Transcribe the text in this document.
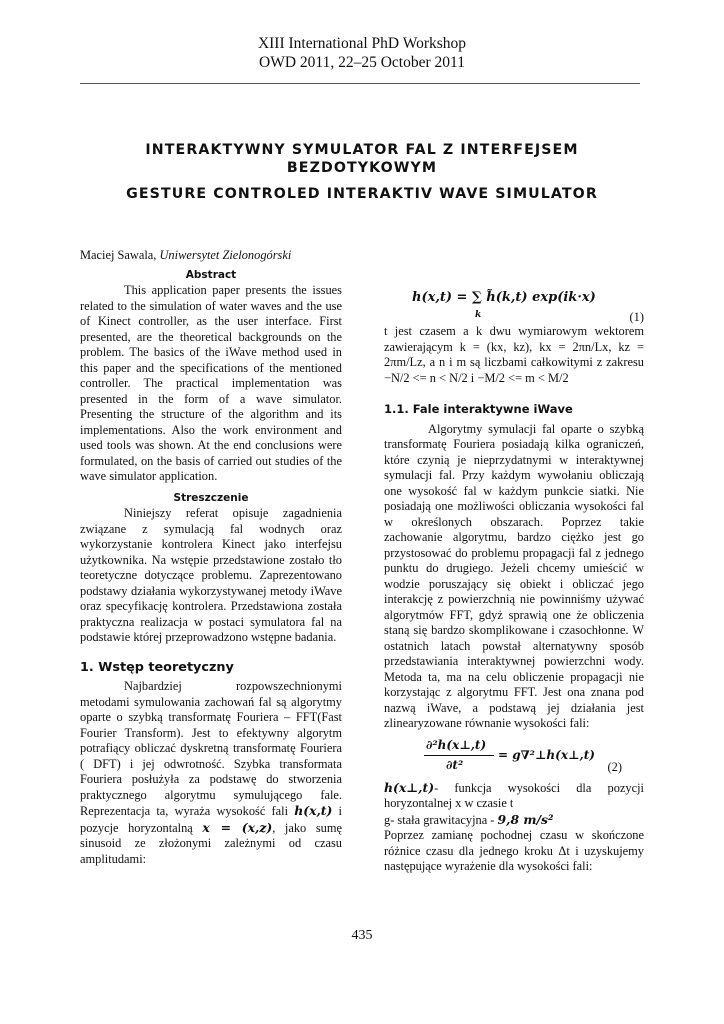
XIII International PhD Workshop
OWD 2011, 22–25 October 2011
INTERAKTYWNY SYMULATOR FAL Z INTERFEJSEM
BEZDOTYKOWYM
GESTURE CONTROLED INTERAKTIV WAVE SIMULATOR

Maciej Sawala, Uniwersytet Zielonogórski

Abstract

This application paper presents the issues related to the simulation of water waves and the use of Kinect controller, as the user interface. First presented, are the theoretical backgrounds on the problem. The basics of the iWave method used in this paper and the specifications of the mentioned controller. The practical implementation was presented in the form of a wave simulator. Presenting the structure of the algorithm and its implementations. Also the work environment and used tools was shown. At the end conclusions were formulated, on the basis of carried out studies of the wave simulator application.

Streszczenie

Niniejszy referat opisuje zagadnienia związane z symulacją fal wodnych oraz wykorzystanie kontrolera Kinect jako interfejsu użytkownika. Na wstępie przedstawione zostało tło teoretyczne dotyczące problemu. Zaprezentowano podstawy działania wykorzystywanej metody iWave oraz specyfikację kontrolera. Przedstawiona została praktyczna realizacja w postaci symulatora fal na podstawie której przeprowadzono wstępne badania.

1. Wstęp teoretyczny

Najbardziej rozpowszechnionymi metodami symulowania zachowań fal są algorytmy oparte o szybką transformatę Fouriera – FFT(Fast Fourier Transform). Jest to efektywny algorytm potrafiący obliczać dyskretną transformatę Fouriera ( DFT) i jej odwrotność. Szybka transformata Fouriera posłużyła za podstawę do stworzenia praktycznego algorytmu symulującego fale. Reprezentacja ta, wyraża wysokość fali h(x,t) i pozycje horyzontalną x = (x,z), jako sumę sinusoid ze złożonymi zależnymi od czasu amplitudami:

h(x,t) = ∑ h̃(k,t) exp(ik·x)
k	(1)

t jest czasem a k dwu wymiarowym wektorem zawierającym k = (kx, kz), kx = 2πn/Lx, kz = 2πm/Lz, a n i m są liczbami całkowitymi z zakresu −N/2 <= n < N/2 i −M/2 <= m < M/2

1.1. Fale interaktywne iWave

Algorytmy symulacji fal oparte o szybką transformatę Fouriera posiadają kilka ograniczeń, które czynią je nieprzydatnymi w interaktywnej symulacji fal. Przy każdym wywołaniu obliczają one wysokość fal w każdym punkcie siatki. Nie posiadają one możliwości obliczania wysokości fal w określonych obszarach. Poprzez takie zachowanie algorytmu, bardzo ciężko jest go przystosować do problemu propagacji fal z jednego punktu do drugiego. Jeżeli chcemy umieścić w wodzie poruszający się obiekt i obliczać jego interakcję z powierzchnią nie powinniśmy używać algorytmów FFT, gdyż sprawią one że obliczenia staną się bardzo skomplikowane i czasochłonne. W ostatnich latach powstał alternatywny sposób przedstawiania interaktywnej powierzchni wody. Metoda ta, ma na celu obliczenie propagacji nie korzystając z algorytmu FFT. Jest ona znana pod nazwą iWave, a podstawą jej działania jest zlinearyzowane równanie wysokości fali:

∂²h(x⊥,t)
∂t²
= g∇²⊥h(x⊥,t)
(2)

h(x⊥,t)- funkcja wysokości dla pozycji horyzontalnej x w czasie t

g- stała grawitacyjna - 9,8 m/s²

Poprzez zamianę pochodnej czasu w skończone różnice czasu dla jednego kroku Δt i uzyskujemy następujące wyrażenie dla wysokości fali:

435
